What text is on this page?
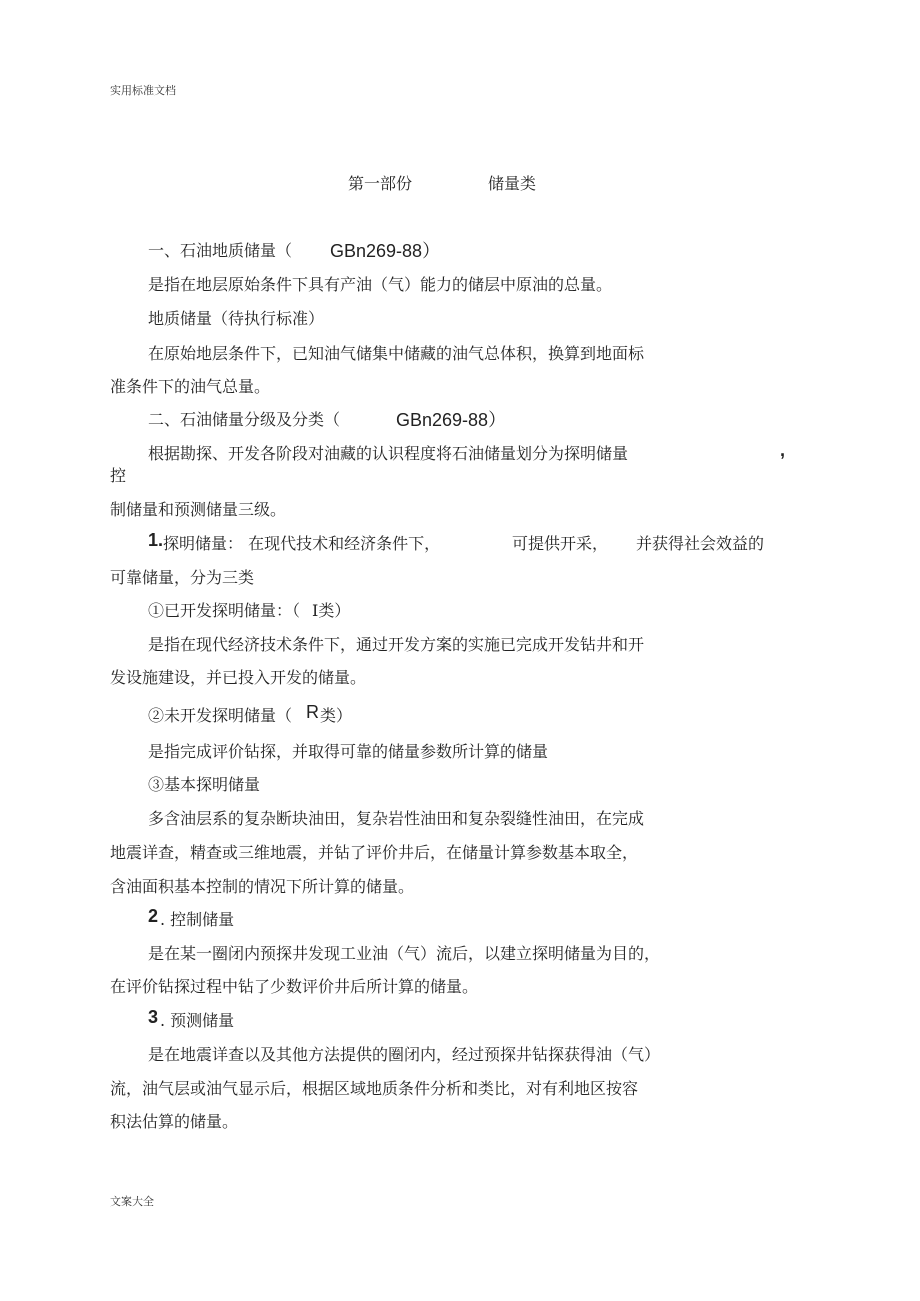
实用标准文档
第一部份	储量类
一、石油地质储量（ GBn269-88）
是指在地层原始条件下具有产油（气）能力的储层中原油的总量。
地质储量（待执行标准）
在原始地层条件下，已知油气储集中储藏的油气总体积，换算到地面标
准条件下的油气总量。
二、石油储量分级及分类（	GBn269-88）
根据勘探、开发各阶段对油藏的认识程度将石油储量划分为探明储量	,
控
制储量和预测储量三级。
1. 探明储量： 在现代技术和经济条件下，	可提供开采， 并获得社会效益的
可靠储量，分为三类
①已开发探明储量：（ Ⅰ类）
是指在现代经济技术条件下，通过开发方案的实施已完成开发钻井和开
发设施建设，并已投入开发的储量。
②未开发探明储量（ R 类）
是指完成评价钻探，并取得可靠的储量参数所计算的储量
③基本探明储量
多含油层系的复杂断块油田，复杂岩性油田和复杂裂缝性油田，在完成
地震详查，精查或三维地震，并钻了评价井后，在储量计算参数基本取全，
含油面积基本控制的情况下所计算的储量。
2 . 控制储量
是在某一圈闭内预探井发现工业油（气）流后，以建立探明储量为目的，
在评价钻探过程中钻了少数评价井后所计算的储量。
3 . 预测储量
是在地震详查以及其他方法提供的圈闭内，经过预探井钻探获得油（气）
流，油气层或油气显示后，根据区域地质条件分析和类比，对有利地区按容
积法估算的储量。
文案大全
